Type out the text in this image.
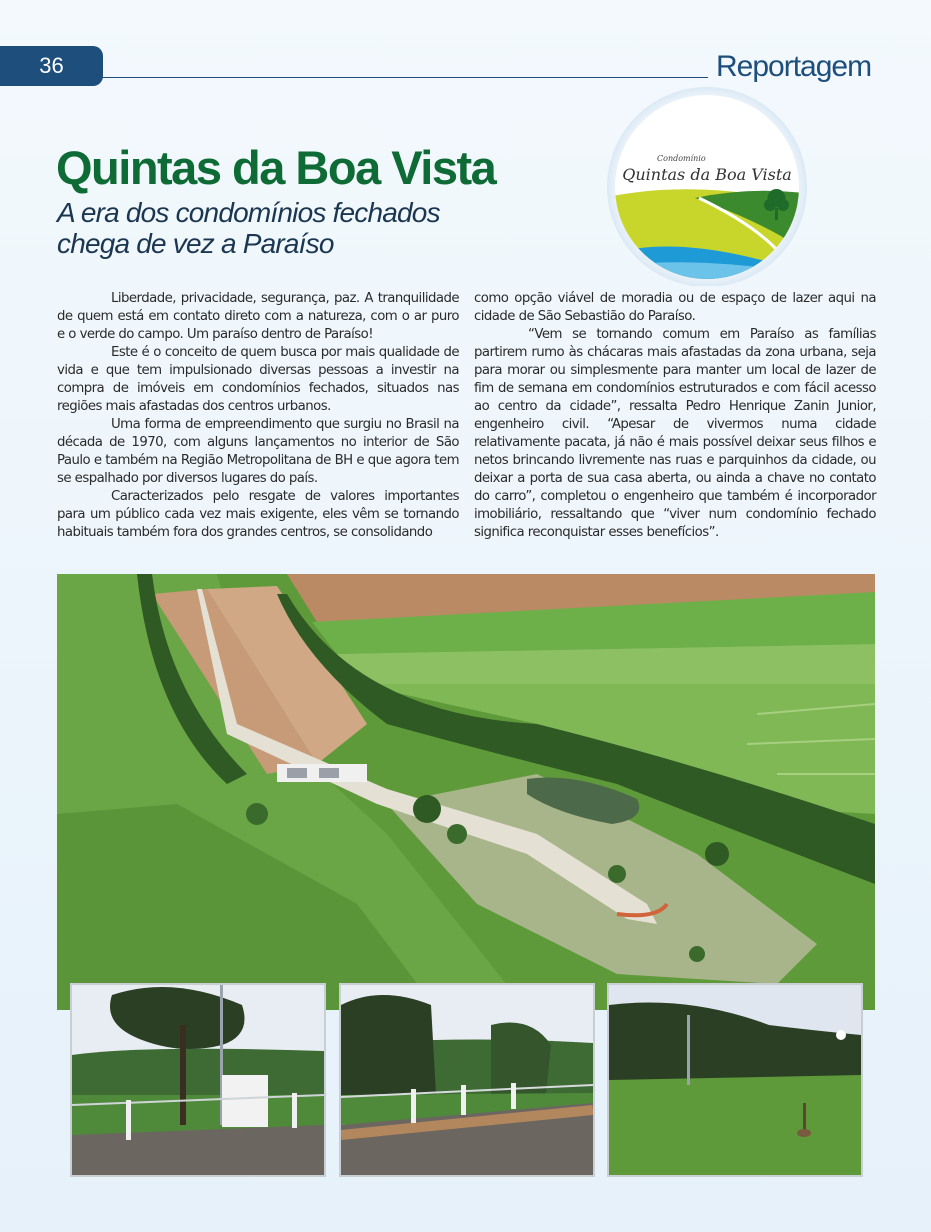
36	Reportagem
Quintas da Boa Vista
A era dos condomínios fechados
chega de vez a Paraíso
Condomínio
Quintas da Boa Vista

Liberdade, privacidade, segurança, paz. A tranquilidade de quem está em contato direto com a natureza, com o ar puro e o verde do campo. Um paraíso dentro de Paraíso!

Este é o conceito de quem busca por mais qualidade de vida e que tem impulsionado diversas pessoas a investir na compra de imóveis em condomínios fechados, situados nas regiões mais afastadas dos centros urbanos.

Uma forma de empreendimento que surgiu no Brasil na década de 1970, com alguns lançamentos no interior de São Paulo e também na Região Metropolitana de BH e que agora tem se espalhado por diversos lugares do país.

Caracterizados pelo resgate de valores importantes para um público cada vez mais exigente, eles vêm se tornando habituais também fora dos grandes centros, se consolidando

como opção viável de moradia ou de espaço de lazer aqui na cidade de São Sebastião do Paraíso.

“Vem se tornando comum em Paraíso as famílias partirem rumo às chácaras mais afastadas da zona urbana, seja para morar ou simplesmente para manter um local de lazer de fim de semana em condomínios estruturados e com fácil acesso ao centro da cidade”, ressalta Pedro Henrique Zanin Junior, engenheiro civil. “Apesar de vivermos numa cidade relativamente pacata, já não é mais possível deixar seus filhos e netos brincando livremente nas ruas e parquinhos da cidade, ou deixar a porta de sua casa aberta, ou ainda a chave no contato do carro”, completou o engenheiro que também é incorporador imobiliário, ressaltando que “viver num condomínio fechado significa reconquistar esses benefícios”.
